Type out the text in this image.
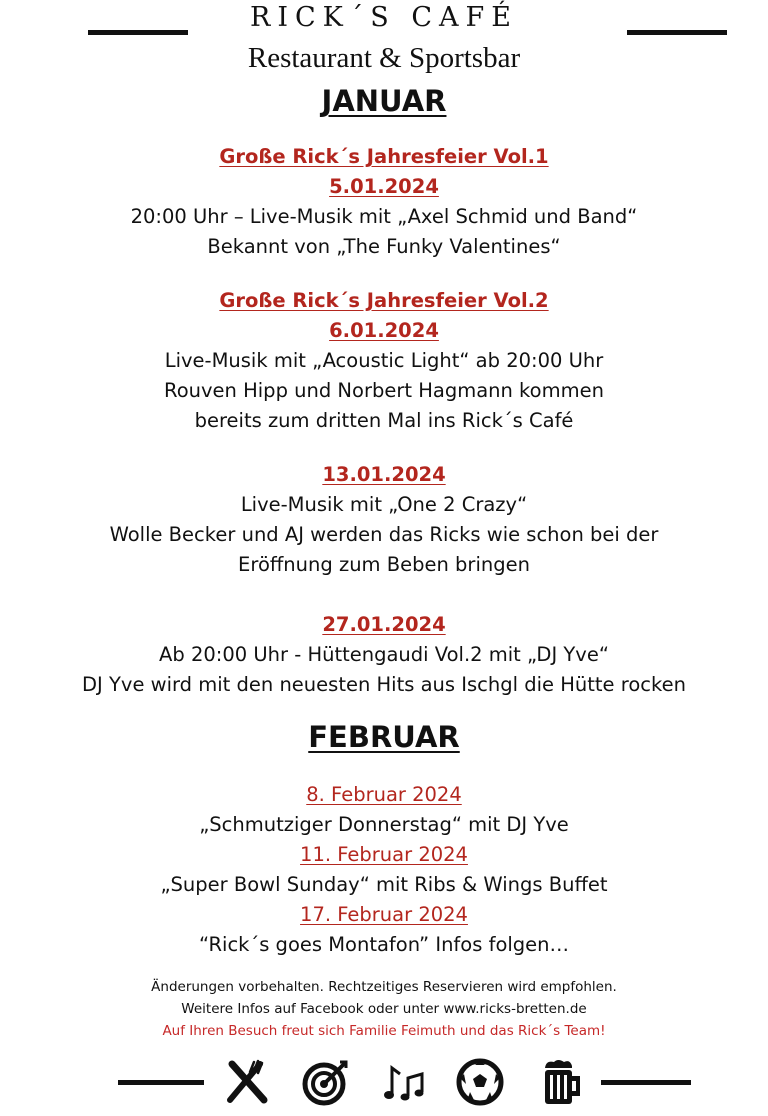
RICK´S CAFÉ
Restaurant & Sportsbar
JANUAR
Große Rick´s Jahresfeier Vol.1
5.01.2024
20:00 Uhr – Live-Musik mit „Axel Schmid und Band“
Bekannt von „The Funky Valentines“
Große Rick´s Jahresfeier Vol.2
6.01.2024
Live-Musik mit „Acoustic Light“ ab 20:00 Uhr
Rouven Hipp und Norbert Hagmann kommen
bereits zum dritten Mal ins Rick´s Café
13.01.2024
Live-Musik mit „One 2 Crazy“
Wolle Becker und AJ werden das Ricks wie schon bei der
Eröffnung zum Beben bringen
27.01.2024
Ab 20:00 Uhr - Hüttengaudi Vol.2 mit „DJ Yve“
DJ Yve wird mit den neuesten Hits aus Ischgl die Hütte rocken
FEBRUAR
8. Februar 2024
„Schmutziger Donnerstag“ mit DJ Yve
11. Februar 2024
„Super Bowl Sunday“ mit Ribs & Wings Buffet
17. Februar 2024
“Rick´s goes Montafon” Infos folgen…
Änderungen vorbehalten. Rechtzeitiges Reservieren wird empfohlen.
Weitere Infos auf Facebook oder unter www.ricks-bretten.de
Auf Ihren Besuch freut sich Familie Feimuth und das Rick´s Team!
